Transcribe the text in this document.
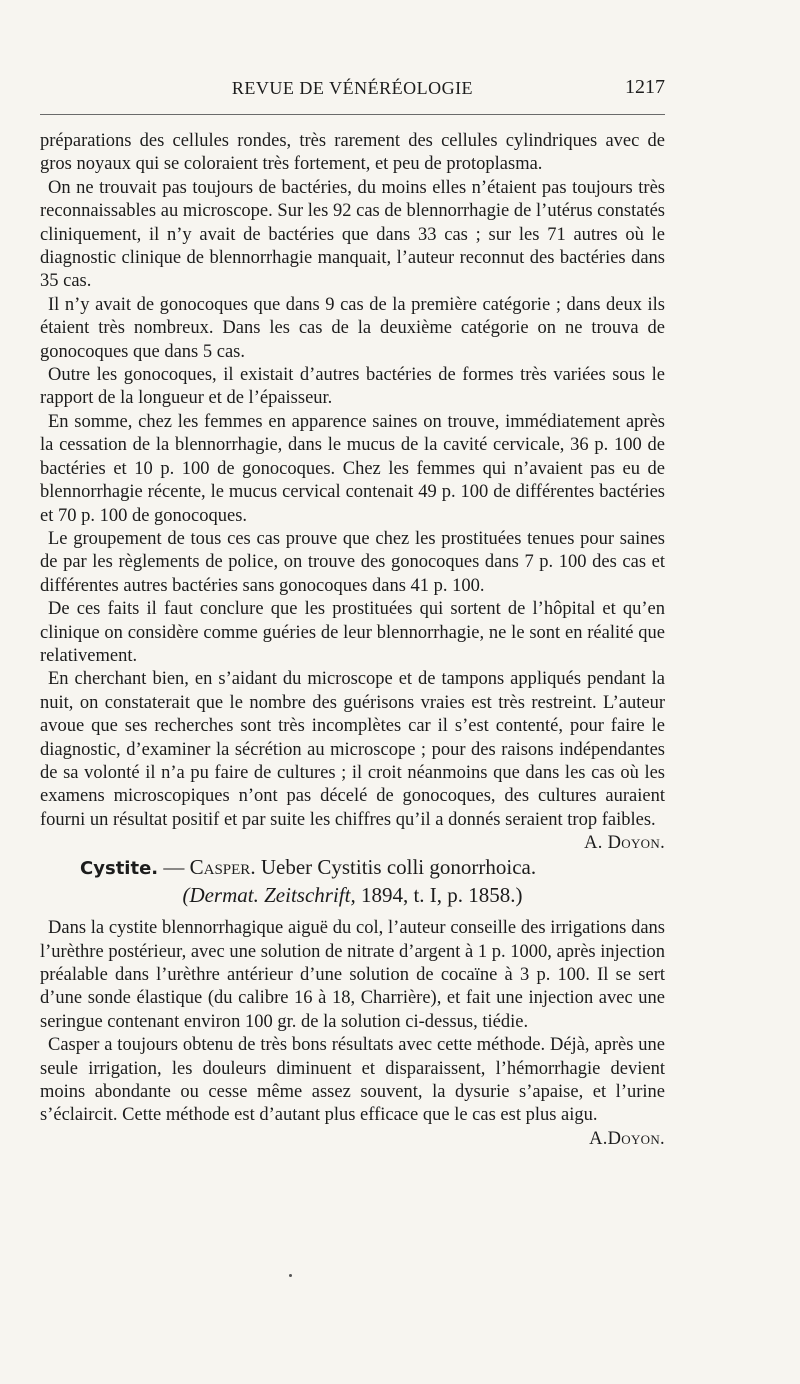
REVUE DE VÉNÉRÉOLOGIE	1217

préparations des cellules rondes, très rarement des cellules cylindriques avec de gros noyaux qui se coloraient très fortement, et peu de protoplasma.

On ne trouvait pas toujours de bactéries, du moins elles n’étaient pas toujours très reconnaissables au microscope. Sur les 92 cas de blennorrhagie de l’utérus constatés cliniquement, il n’y avait de bactéries que dans 33 cas ; sur les 71 autres où le diagnostic clinique de blennorrhagie manquait, l’auteur reconnut des bactéries dans 35 cas.

Il n’y avait de gonocoques que dans 9 cas de la première catégorie ; dans deux ils étaient très nombreux. Dans les cas de la deuxième catégorie on ne trouva de gonocoques que dans 5 cas.

Outre les gonocoques, il existait d’autres bactéries de formes très variées sous le rapport de la longueur et de l’épaisseur.

En somme, chez les femmes en apparence saines on trouve, immédiatement après la cessation de la blennorrhagie, dans le mucus de la cavité cervicale, 36 p. 100 de bactéries et 10 p. 100 de gonocoques. Chez les femmes qui n’avaient pas eu de blennorrhagie récente, le mucus cervical contenait 49 p. 100 de différentes bactéries et 70 p. 100 de gonocoques.

Le groupement de tous ces cas prouve que chez les prostituées tenues pour saines de par les règlements de police, on trouve des gonocoques dans 7 p. 100 des cas et différentes autres bactéries sans gonocoques dans 41 p. 100.

De ces faits il faut conclure que les prostituées qui sortent de l’hôpital et qu’en clinique on considère comme guéries de leur blennorrhagie, ne le sont en réalité que relativement.

En cherchant bien, en s’aidant du microscope et de tampons appliqués pendant la nuit, on constaterait que le nombre des guérisons vraies est très restreint. L’auteur avoue que ses recherches sont très incomplètes car il s’est contenté, pour faire le diagnostic, d’examiner la sécrétion au microscope ; pour des raisons indépendantes de sa volonté il n’a pu faire de cultures ; il croit néanmoins que dans les cas où les examens microscopiques n’ont pas décelé de gonocoques, des cultures auraient fourni un résultat positif et par suite les chiffres qu’il a donnés seraient trop faibles.
A. Doyon.

Cystite. — Casper. Ueber Cystitis colli gonorrhoica. (Dermat. Zeitschrift, 1894, t. I, p. 1858.)

Dans la cystite blennorrhagique aiguë du col, l’auteur conseille des irrigations dans l’urèthre postérieur, avec une solution de nitrate d’argent à 1 p. 1000, après injection préalable dans l’urèthre antérieur d’une solution de cocaïne à 3 p. 100. Il se sert d’une sonde élastique (du calibre 16 à 18, Charrière), et fait une injection avec une seringue contenant environ 100 gr. de la solution ci-dessus, tiédie.

Casper a toujours obtenu de très bons résultats avec cette méthode. Déjà, après une seule irrigation, les douleurs diminuent et disparaissent, l’hémorrhagie devient moins abondante ou cesse même assez souvent, la dysurie s’apaise, et l’urine s’éclaircit. Cette méthode est d’autant plus efficace que le cas est plus aigu.
A.Doyon.
